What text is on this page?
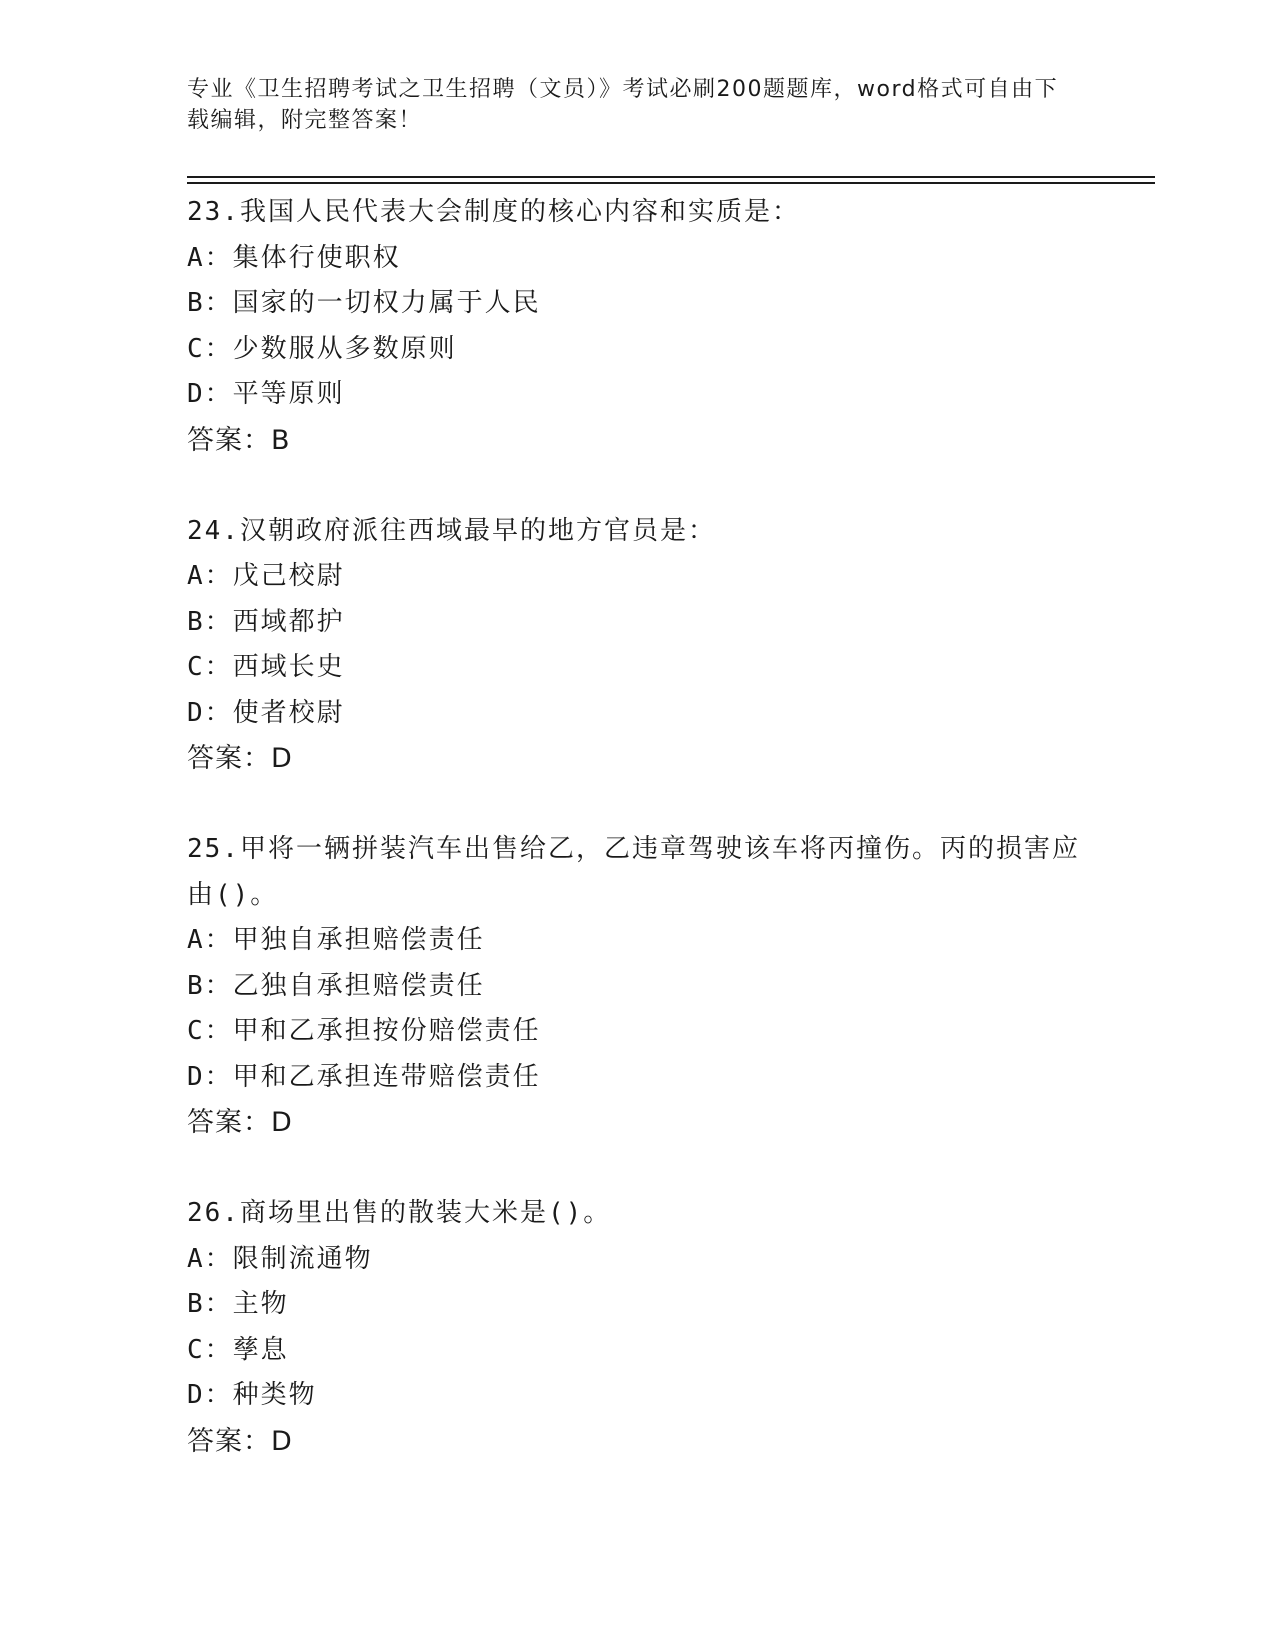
专业《卫生招聘考试之卫生招聘（文员）》考试必刷200题题库，word格式可自由下载编辑，附完整答案！
23.我国人民代表大会制度的核心内容和实质是：
A：集体行使职权
B：国家的一切权力属于人民
C：少数服从多数原则
D：平等原则
答案：B
24.汉朝政府派往西域最早的地方官员是：
A：戊己校尉
B：西域都护
C：西域长史
D：使者校尉
答案：D
25.甲将一辆拼装汽车出售给乙，乙违章驾驶该车将丙撞伤。丙的损害应由()。
A：甲独自承担赔偿责任
B：乙独自承担赔偿责任
C：甲和乙承担按份赔偿责任
D：甲和乙承担连带赔偿责任
答案：D
26.商场里出售的散装大米是()。
A：限制流通物
B：主物
C：孳息
D：种类物
答案：D
